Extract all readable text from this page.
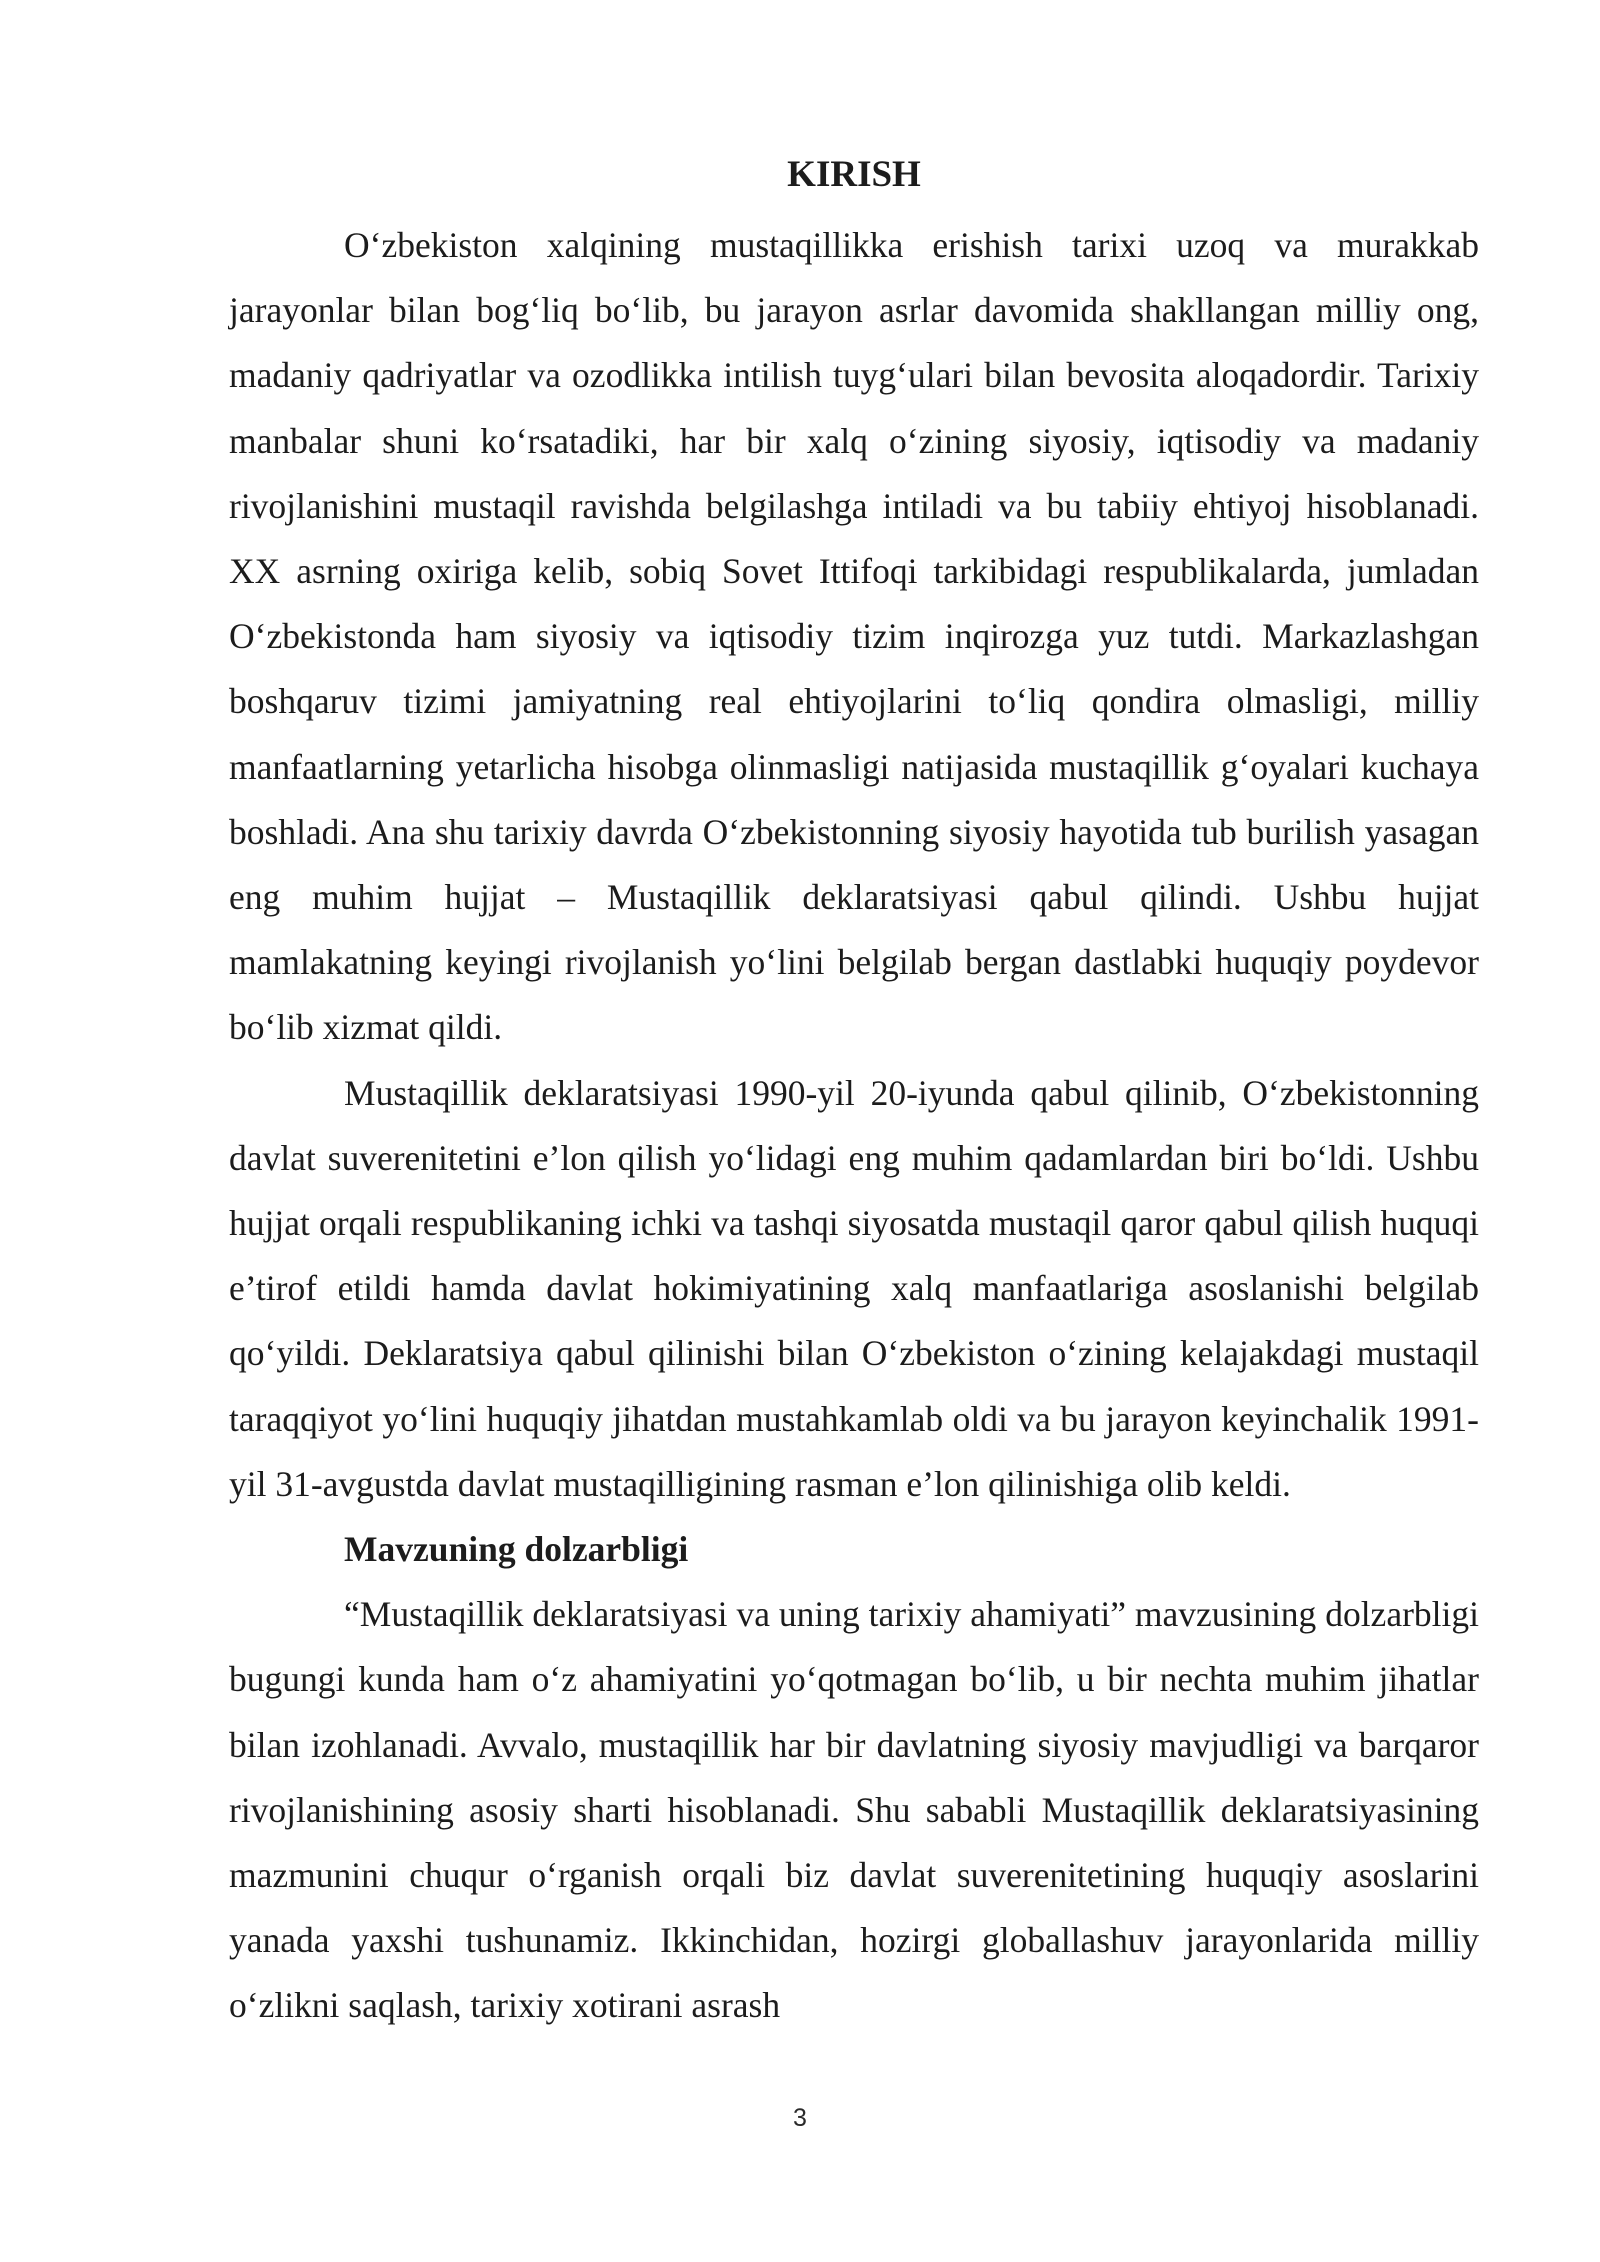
KIRISH

O‘zbekiston xalqining mustaqillikka erishish tarixi uzoq va murakkab jarayonlar bilan bog‘liq bo‘lib, bu jarayon asrlar davomida shakllangan milliy ong, madaniy qadriyatlar va ozodlikka intilish tuyg‘ulari bilan bevosita aloqadordir. Tarixiy manbalar shuni ko‘rsatadiki, har bir xalq o‘zining siyosiy, iqtisodiy va madaniy rivojlanishini mustaqil ravishda belgilashga intiladi va bu tabiiy ehtiyoj hisoblanadi. XX asrning oxiriga kelib, sobiq Sovet Ittifoqi tarkibidagi respublikalarda, jumladan O‘zbekistonda ham siyosiy va iqtisodiy tizim inqirozga yuz tutdi. Markazlashgan boshqaruv tizimi jamiyatning real ehtiyojlarini to‘liq qondira olmasligi, milliy manfaatlarning yetarlicha hisobga olinmasligi natijasida mustaqillik g‘oyalari kuchaya boshladi. Ana shu tarixiy davrda O‘zbekistonning siyosiy hayotida tub burilish yasagan eng muhim hujjat – Mustaqillik deklaratsiyasi qabul qilindi. Ushbu hujjat mamlakatning keyingi rivojlanish yo‘lini belgilab bergan dastlabki huquqiy poydevor bo‘lib xizmat qildi.

Mustaqillik deklaratsiyasi 1990-yil 20-iyunda qabul qilinib, O‘zbekistonning davlat suverenitetini e’lon qilish yo‘lidagi eng muhim qadamlardan biri bo‘ldi. Ushbu hujjat orqali respublikaning ichki va tashqi siyosatda mustaqil qaror qabul qilish huquqi e’tirof etildi hamda davlat hokimiyatining xalq manfaatlariga asoslanishi belgilab qo‘yildi. Deklaratsiya qabul qilinishi bilan O‘zbekiston o‘zining kelajakdagi mustaqil taraqqiyot yo‘lini huquqiy jihatdan mustahkamlab oldi va bu jarayon keyinchalik 1991-yil 31-avgustda davlat mustaqilligining rasman e’lon qilinishiga olib keldi.

Mavzuning dolzarbligi

“Mustaqillik deklaratsiyasi va uning tarixiy ahamiyati” mavzusining dolzarbligi bugungi kunda ham o‘z ahamiyatini yo‘qotmagan bo‘lib, u bir nechta muhim jihatlar bilan izohlanadi. Avvalo, mustaqillik har bir davlatning siyosiy mavjudligi va barqaror rivojlanishining asosiy sharti hisoblanadi. Shu sababli Mustaqillik deklaratsiyasining mazmunini chuqur o‘rganish orqali biz davlat suverenitetining huquqiy asoslarini yanada yaxshi tushunamiz. Ikkinchidan, hozirgi globallashuv jarayonlarida milliy o‘zlikni saqlash, tarixiy xotirani asrash

3
